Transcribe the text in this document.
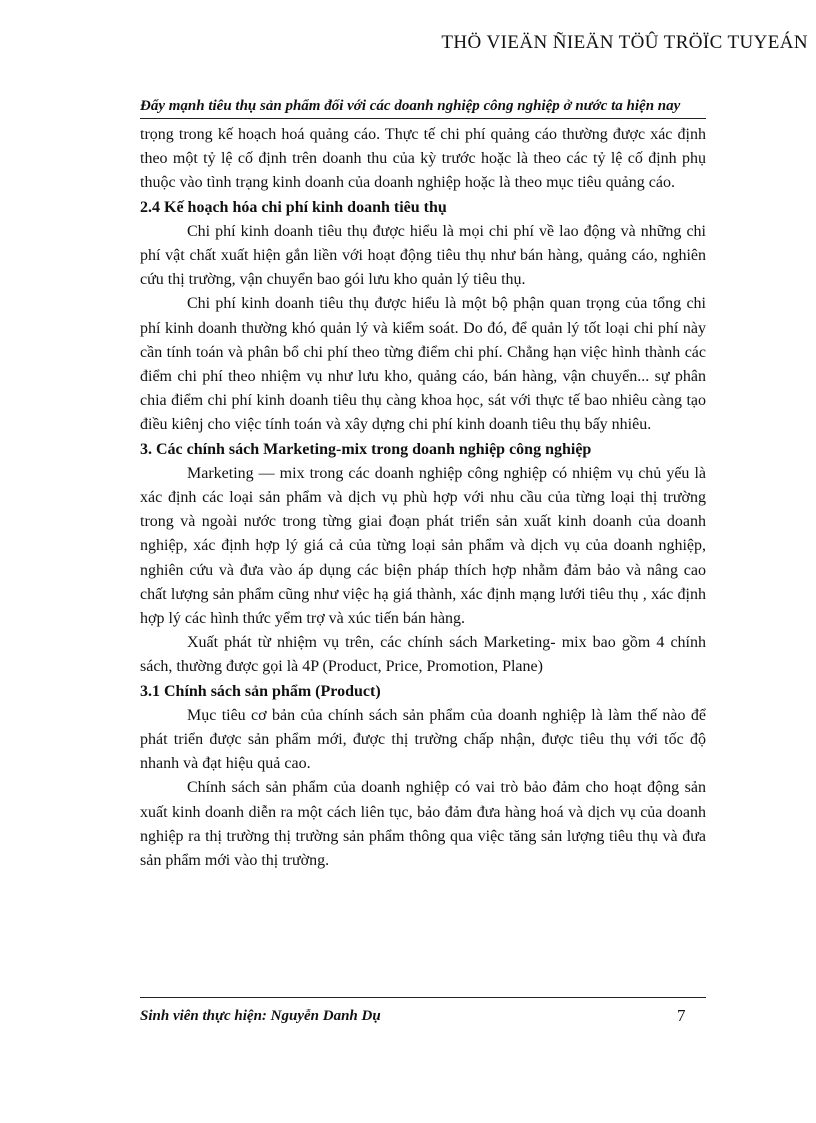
THÖ VIEÄN ÑIEÄN TÖÛ TRÖÏC TUYEÁN
Đẩy mạnh tiêu thụ sản phẩm đối với các doanh nghiệp công nghiệp ở nước ta hiện nay

trọng trong kế hoạch hoá quảng cáo. Thực tế chi phí quảng cáo thường được xác định theo một tỷ lệ cố định trên doanh thu của kỳ trước hoặc là theo các tỷ lệ cố định phụ thuộc vào tình trạng kinh doanh của doanh nghiệp hoặc là theo mục tiêu quảng cáo.

2.4 Kế hoạch hóa chi phí kinh doanh tiêu thụ

Chi phí kinh doanh tiêu thụ được hiểu là mọi chi phí về lao động và những chi phí vật chất xuất hiện gắn liền với hoạt động tiêu thụ như bán hàng, quảng cáo, nghiên cứu thị trường, vận chuyển bao gói lưu kho quản lý tiêu thụ.

Chi phí kinh doanh tiêu thụ được hiểu là một bộ phận quan trọng của tổng chi phí kinh doanh thường khó quản lý và kiểm soát. Do đó, để quản lý tốt loại chi phí này cần tính toán và phân bổ chi phí theo từng điểm chi phí. Chẳng hạn việc hình thành các điểm chi phí theo nhiệm vụ như lưu kho, quảng cáo, bán hàng, vận chuyển... sự phân chia điểm chi phí kinh doanh tiêu thụ càng khoa học, sát với thực tế bao nhiêu càng tạo điều kiênj cho việc tính toán và xây dựng chi phí kinh doanh tiêu thụ bấy nhiêu.

3. Các chính sách Marketing-mix trong doanh nghiệp công nghiệp

Marketing — mix trong các doanh nghiệp công nghiệp có nhiệm vụ chủ yếu là xác định các loại sản phẩm và dịch vụ phù hợp với nhu cầu của từng loại thị trường trong và ngoài nước trong từng giai đoạn phát triển sản xuất kinh doanh của doanh nghiệp, xác định hợp lý giá cả của từng loại sản phẩm và dịch vụ của doanh nghiệp, nghiên cứu và đưa vào áp dụng các biện pháp thích hợp nhằm đảm bảo và nâng cao chất lượng sản phẩm cũng như việc hạ giá thành, xác định mạng lưới tiêu thụ , xác định hợp lý các hình thức yểm trợ và xúc tiến bán hàng.

Xuất phát từ nhiệm vụ trên, các chính sách Marketing- mix bao gồm 4 chính sách, thường được gọi là 4P (Product, Price, Promotion, Plane)

3.1 Chính sách sản phẩm (Product)

Mục tiêu cơ bản của chính sách sản phẩm của doanh nghiệp là làm thế nào để phát triển được sản phẩm mới, được thị trường chấp nhận, được tiêu thụ với tốc độ nhanh và đạt hiệu quả cao.

Chính sách sản phẩm của doanh nghiệp có vai trò bảo đảm cho hoạt động sản xuất kinh doanh diễn ra một cách liên tục, bảo đảm đưa hàng hoá và dịch vụ của doanh nghiệp ra thị trường thị trường sản phẩm thông qua việc tăng sản lượng tiêu thụ và đưa sản phẩm mới vào thị trường.

Sinh viên thực hiện: Nguyễn Danh Dụ	7
